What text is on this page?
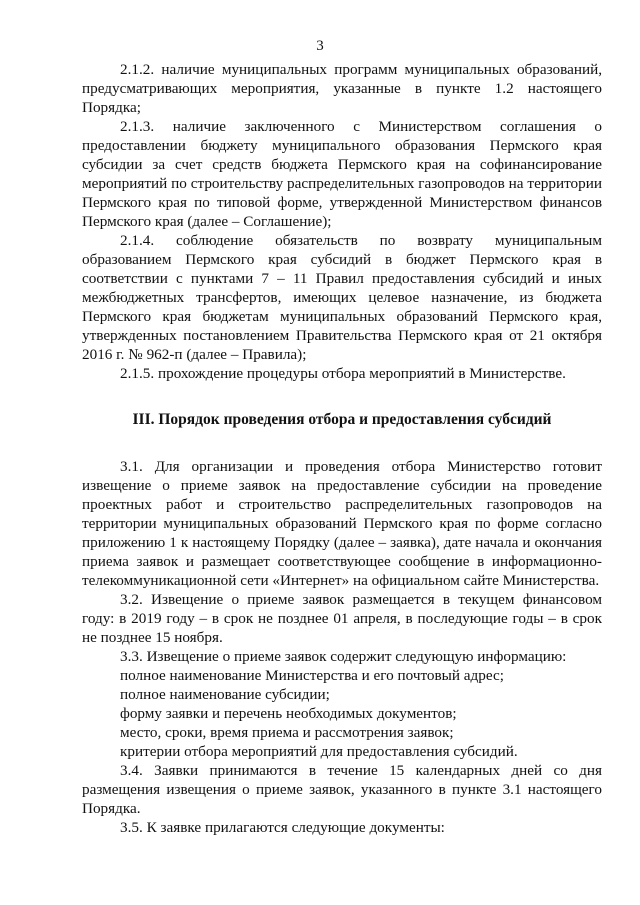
3

2.1.2. наличие муниципальных программ муниципальных образований, предусматривающих мероприятия, указанные в пункте 1.2 настоящего Порядка;

2.1.3. наличие заключенного с Министерством соглашения о предоставлении бюджету муниципального образования Пермского края субсидии за счет средств бюджета Пермского края на софинансирование мероприятий по строительству распределительных газопроводов на территории Пермского края по типовой форме, утвержденной Министерством финансов Пермского края (далее – Соглашение);

2.1.4. соблюдение обязательств по возврату муниципальным образованием Пермского края субсидий в бюджет Пермского края в соответствии с пунктами 7 – 11 Правил предоставления субсидий и иных межбюджетных трансфертов, имеющих целевое назначение, из бюджета Пермского края бюджетам муниципальных образований Пермского края, утвержденных постановлением Правительства Пермского края от 21 октября 2016 г. № 962-п (далее – Правила);

2.1.5. прохождение процедуры отбора мероприятий в Министерстве.

III. Порядок проведения отбора и предоставления субсидий

3.1. Для организации и проведения отбора Министерство готовит извещение о приеме заявок на предоставление субсидии на проведение проектных работ и строительство распределительных газопроводов на территории муниципальных образований Пермского края по форме согласно приложению 1 к настоящему Порядку (далее – заявка), дате начала и окончания приема заявок и размещает соответствующее сообщение в информационно-телекоммуникационной сети «Интернет» на официальном сайте Министерства.

3.2. Извещение о приеме заявок размещается в текущем финансовом году: в 2019 году – в срок не позднее 01 апреля, в последующие годы – в срок не позднее 15 ноября.

3.3. Извещение о приеме заявок содержит следующую информацию:

полное наименование Министерства и его почтовый адрес;

полное наименование субсидии;

форму заявки и перечень необходимых документов;

место, сроки, время приема и рассмотрения заявок;

критерии отбора мероприятий для предоставления субсидий.

3.4. Заявки принимаются в течение 15 календарных дней со дня размещения извещения о приеме заявок, указанного в пункте 3.1 настоящего Порядка.

3.5. К заявке прилагаются следующие документы:
